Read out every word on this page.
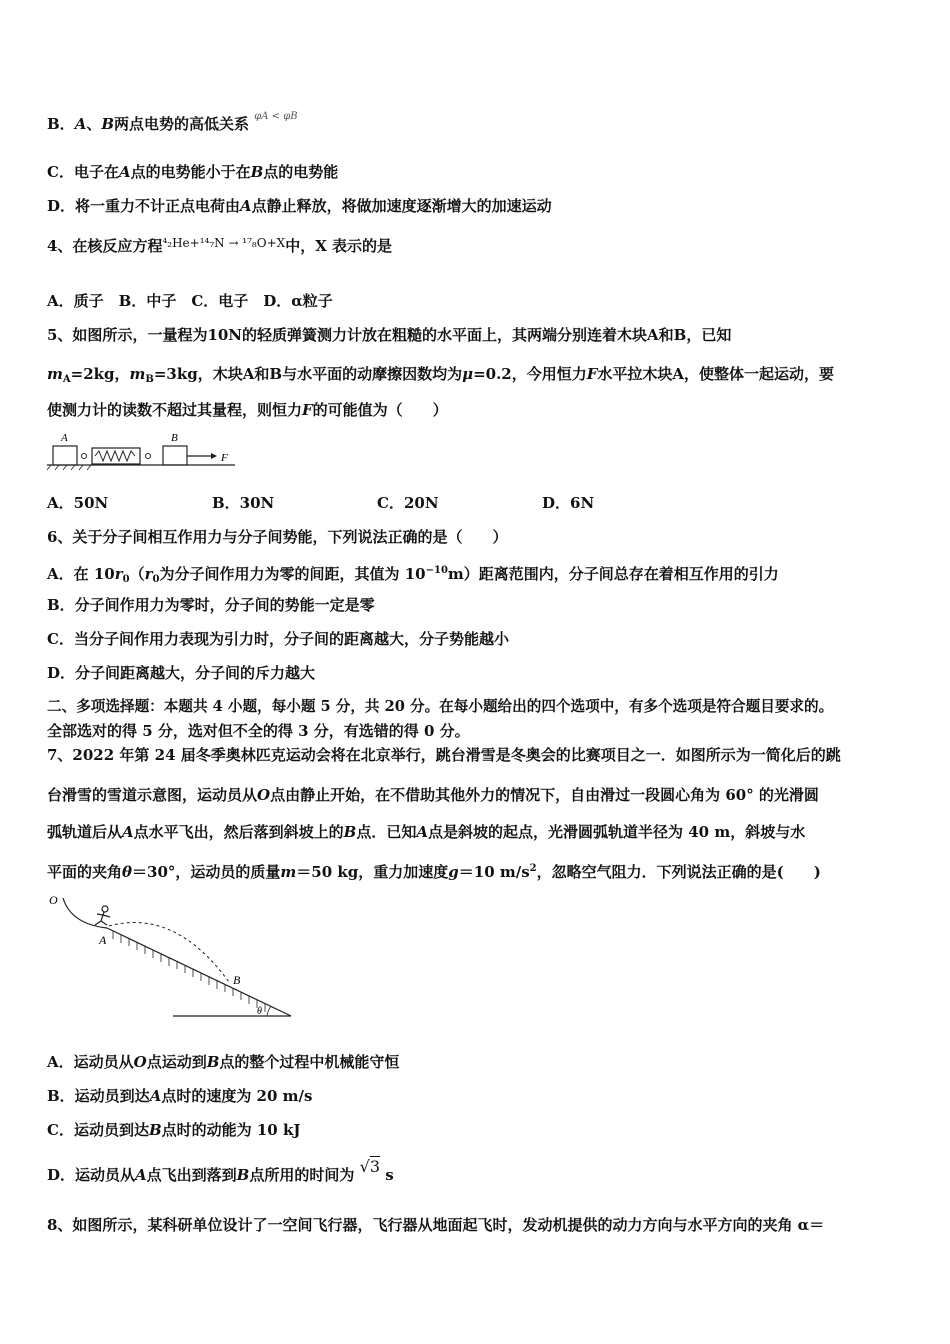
B．A、B两点电势的高低关系 $^{\varphi A < \varphi B}$
C．电子在A点的电势能小于在B点的电势能
D．将一重力不计正点电荷由A点静止释放，将做加速度逐渐增大的加速运动
4、在核反应方程$^{^4_2He+^{14}_7N \to ^{17}_8O+X}$中，X 表示的是
A．质子　B．中子　C．电子　D．α粒子
5、如图所示，一量程为10N的轻质弹簧测力计放在粗糙的水平面上，其两端分别连着木块A和B，已知
$m_A=2kg$，$m_B=3kg$，木块A和B与水平面的动摩擦因数均为μ=0.2，今用恒力F水平拉木块A，使整体一起运动，要
使测力计的读数不超过其量程，则恒力F的可能值为（　　）
A	B
F
A．50N	B．30N	C．20N	D．6N
6、关于分子间相互作用力与分子间势能，下列说法正确的是（　　）
A．在 $10r_0(r_0$为分子间作用力为零的间距，其值为 $10^{-10}m$）距离范围内，分子间总存在着相互作用的引力
B．分子间作用力为零时，分子间的势能一定是零
C．当分子间作用力表现为引力时，分子间的距离越大，分子势能越小
D．分子间距离越大，分子间的斥力越大
二、多项选择题：本题共 4 小题，每小题 5 分，共 20 分。在每小题给出的四个选项中，有多个选项是符合题目要求的。
全部选对的得 5 分，选对但不全的得 3 分，有选错的得 0 分。
7、2022 年第 24 届冬季奥林匹克运动会将在北京举行，跳台滑雪是冬奥会的比赛项目之一．如图所示为一简化后的跳
台滑雪的雪道示意图，运动员从O点由静止开始，在不借助其他外力的情况下，自由滑过一段圆心角为 60° 的光滑圆
弧轨道后从A点水平飞出，然后落到斜坡上的B点．已知A点是斜坡的起点，光滑圆弧轨道半径为 40 m，斜坡与水
平面的夹角θ＝30°，运动员的质量m＝50 kg，重力加速度g＝10 $m/s^2$，忽略空气阻力．下列说法正确的是(　　)
O
A
B
θ
A．运动员从O点运动到B点的整个过程中机械能守恒
B．运动员到达A点时的速度为 20 m/s
C．运动员到达B点时的动能为 10 kJ
D．运动员从A点飞出到落到B点所用的时间为 √3 s
8、如图所示，某科研单位设计了一空间飞行器，飞行器从地面起飞时，发动机提供的动力方向与水平方向的夹角 α＝
